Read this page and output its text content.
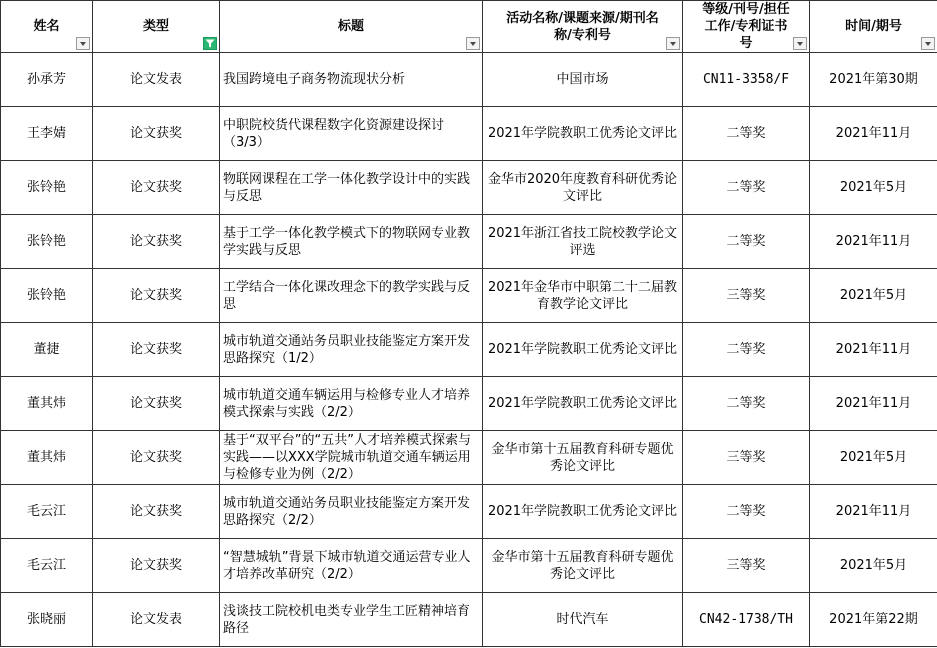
姓名	类型	标题	活动名称/课题来源/期刊名称/专利号	等级/刊号/担任工作/专利证书号	时间/期号

孙承芳	论文发表	我国跨境电子商务物流现状分析	中国市场	CN11-3358/F	2021年第30期
王李婧	论文获奖	中职院校货代课程数字化资源建设探讨（3/3）	2021年学院教职工优秀论文评比	二等奖	2021年11月
张铃艳	论文获奖	物联网课程在工学一体化教学设计中的实践与反思	金华市2020年度教育科研优秀论文评比	二等奖	2021年5月
张铃艳	论文获奖	基于工学一体化教学模式下的物联网专业教学实践与反思	2021年浙江省技工院校教学论文评选	二等奖	2021年11月
张铃艳	论文获奖	工学结合一体化课改理念下的教学实践与反思	2021年金华市中职第二十二届教育教学论文评比	三等奖	2021年5月
董捷	论文获奖	城市轨道交通站务员职业技能鉴定方案开发思路探究（1/2）	2021年学院教职工优秀论文评比	二等奖	2021年11月
董其炜	论文获奖	城市轨道交通车辆运用与检修专业人才培养模式探索与实践（2/2）	2021年学院教职工优秀论文评比	二等奖	2021年11月
董其炜	论文获奖	基于“双平台”的“五共”人才培养模式探索与实践——以XXX学院城市轨道交通车辆运用与检修专业为例（2/2）	金华市第十五届教育科研专题优秀论文评比	三等奖	2021年5月
毛云江	论文获奖	城市轨道交通站务员职业技能鉴定方案开发思路探究（2/2）	2021年学院教职工优秀论文评比	二等奖	2021年11月
毛云江	论文获奖	“智慧城轨”背景下城市轨道交通运营专业人才培养改革研究（2/2）	金华市第十五届教育科研专题优秀论文评比	三等奖	2021年5月
张晓丽	论文发表	浅谈技工院校机电类专业学生工匠精神培育路径	时代汽车	CN42-1738/TH	2021年第22期
